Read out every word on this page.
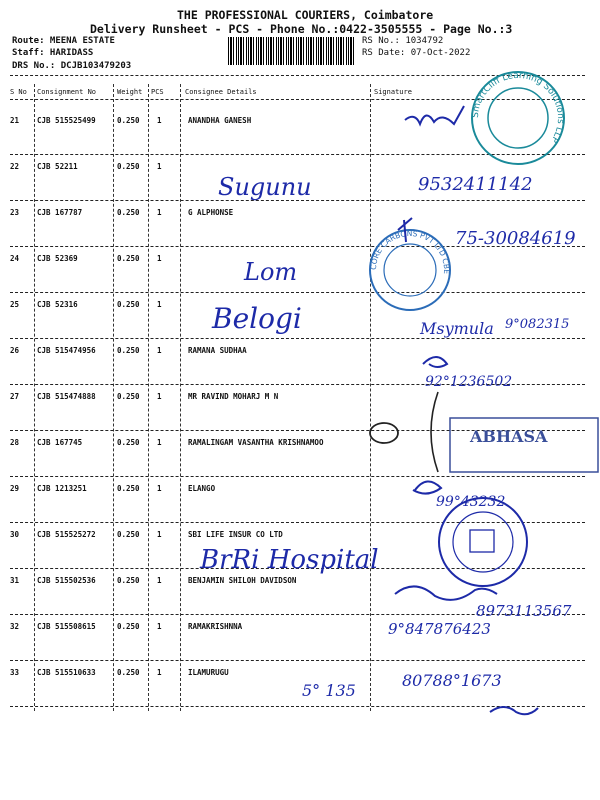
THE PROFESSIONAL COURIERS, Coimbatore
Delivery Runsheet - PCS - Phone No.:0422-3505555 - Page No.:3
Route: MEENA ESTATE
Staff: HARIDASS
DRS No.: DCJB103479203
RS No.: 1034792
RS Date: 07-Oct-2022
S No Consignment No	Weight PCS	Consignee Details	Signature
21 CJB 515525499	0.250 1	ANANDHA GANESH
22 CJB 52211	0.250 1
23 CJB 167787	0.250 1	G ALPHONSE
24 CJB 52369	0.250 1
25 CJB 52316	0.250 1
26 CJB 515474956	0.250 1	RAMANA SUDHAA
27 CJB 515474888	0.250 1	MR RAVIND MOHARJ M N
28 CJB 167745	0.250 1	RAMALINGAM VASANTHA KRISHNAMOO
29 CJB 1213251	0.250 1	ELANGO
30 CJB 515525272	0.250 1	SBI LIFE INSUR CO LTD
31 CJB 515502536	0.250 1	BENJAMIN SHILOH DAVIDSON
32 CJB 515508615	0.250 1	RAMAKRISHNNA
33 CJB 515510633	0.250 1	ILAMURUGU
SmartCliff Learning Solutions LLP
CORE CARBONS PVT LTD CBE
ABHASA
Sugunu	9532411142
75-30084619
Lom
Belogi	Msymula 9°082315
92°1236502
99°43232
BrRi Hospital
8973113567
9°847876423
80788°1673
5° 135
